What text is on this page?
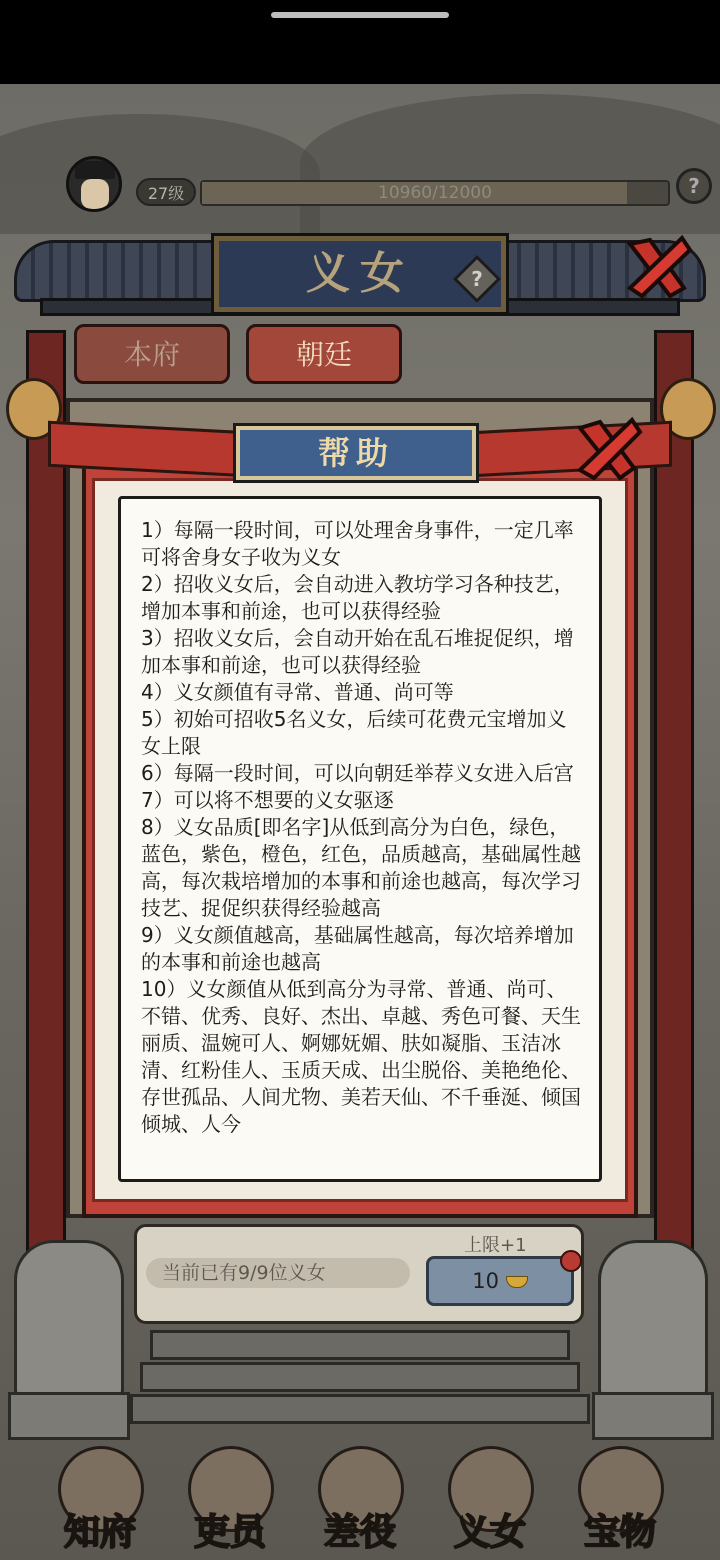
27级	10960/12000	?
义女	?
本府	朝廷

1）每隔一段时间，可以处理舍身事件，一定几率可将舍身女子收为义女

2）招收义女后，会自动进入教坊学习各种技艺，增加本事和前途，也可以获得经验

3）招收义女后，会自动开始在乱石堆捉促织，增加本事和前途，也可以获得经验

4）义女颜值有寻常、普通、尚可等

5）初始可招收5名义女，后续可花费元宝增加义女上限

6）每隔一段时间，可以向朝廷举荐义女进入后宫

7）可以将不想要的义女驱逐

8）义女品质[即名字]从低到高分为白色，绿色，蓝色，紫色，橙色，红色，品质越高，基础属性越高，每次栽培增加的本事和前途也越高，每次学习技艺、捉促织获得经验越高

9）义女颜值越高，基础属性越高，每次培养增加的本事和前途也越高

10）义女颜值从低到高分为寻常、普通、尚可、不错、优秀、良好、杰出、卓越、秀色可餐、天生丽质、温婉可人、婀娜妩媚、肤如凝脂、玉洁冰清、红粉佳人、玉质天成、出尘脱俗、美艳绝伦、存世孤品、人间尤物、美若天仙、不千垂涎、倾国倾城、人今

帮助
当前已有9/9位义女
上限+1
10
知府	吏员	差役	义女	宝物
